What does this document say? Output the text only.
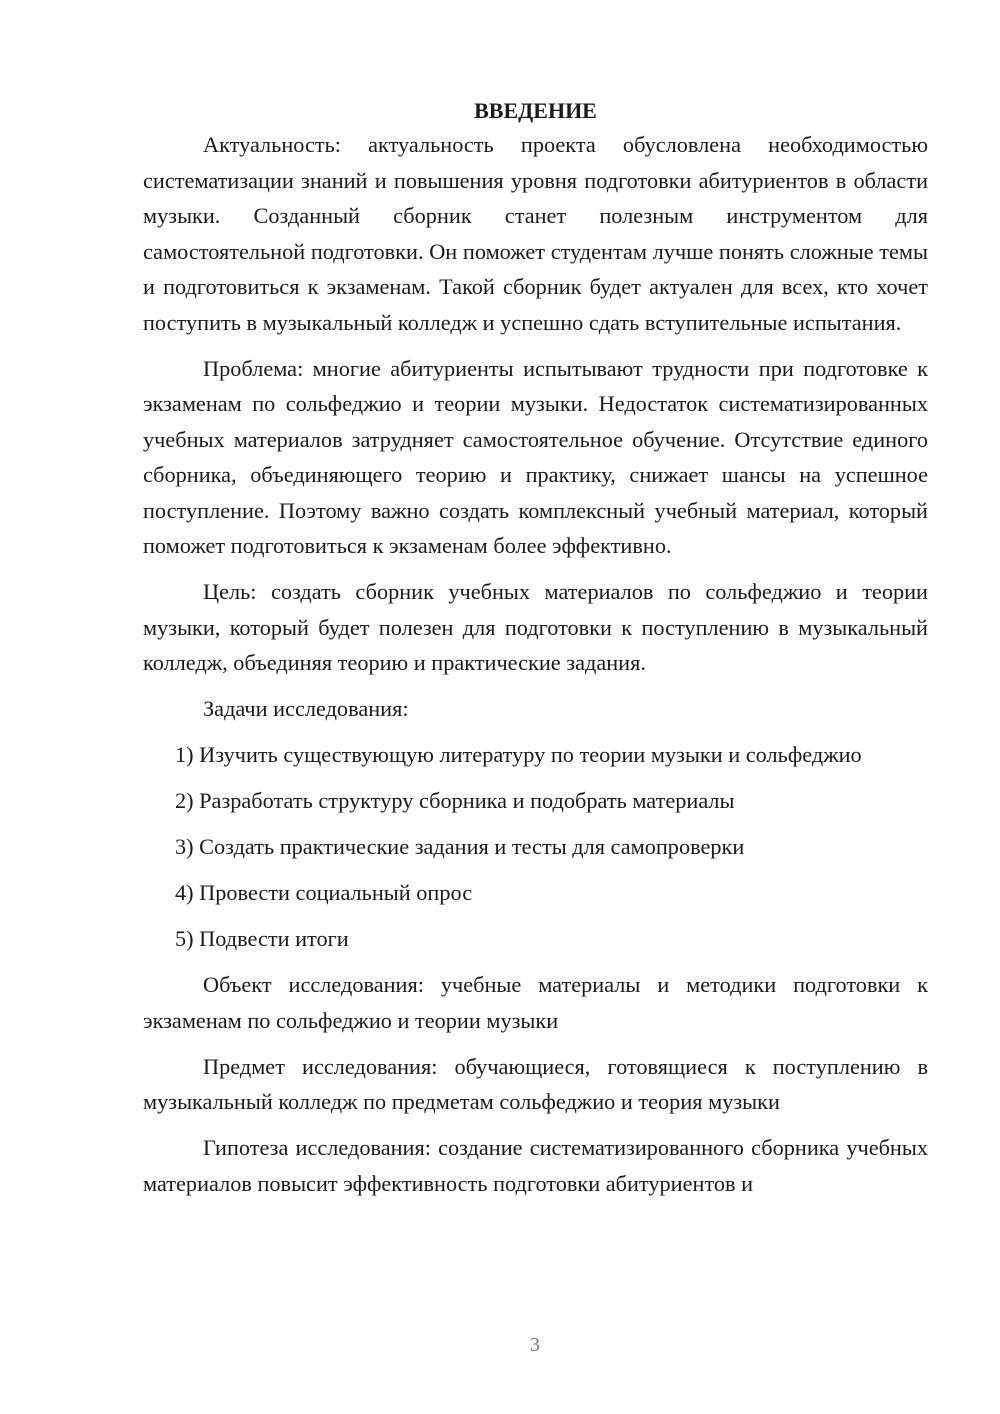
ВВЕДЕНИЕ

Актуальность: актуальность проекта обусловлена необходимостью систематизации знаний и повышения уровня подготовки абитуриентов в области музыки. Созданный сборник станет полезным инструментом для самостоятельной подготовки. Он поможет студентам лучше понять сложные темы и подготовиться к экзаменам. Такой сборник будет актуален для всех, кто хочет поступить в музыкальный колледж и успешно сдать вступительные испытания.

Проблема: многие абитуриенты испытывают трудности при подготовке к экзаменам по сольфеджио и теории музыки. Недостаток систематизированных учебных материалов затрудняет самостоятельное обучение. Отсутствие единого сборника, объединяющего теорию и практику, снижает шансы на успешное поступление. Поэтому важно создать комплексный учебный материал, который поможет подготовиться к экзаменам более эффективно.

Цель: создать сборник учебных материалов по сольфеджио и теории музыки, который будет полезен для подготовки к поступлению в музыкальный колледж, объединяя теорию и практические задания.

Задачи исследования:

1) Изучить существующую литературу по теории музыки и сольфеджио

2) Разработать структуру сборника и подобрать материалы

3) Создать практические задания и тесты для самопроверки

4) Провести социальный опрос

5) Подвести итоги

Объект исследования: учебные материалы и методики подготовки к экзаменам по сольфеджио и теории музыки

Предмет исследования: обучающиеся, готовящиеся к поступлению в музыкальный колледж по предметам сольфеджио и теория музыки

Гипотеза исследования: создание систематизированного сборника учебных материалов повысит эффективность подготовки абитуриентов и

3
